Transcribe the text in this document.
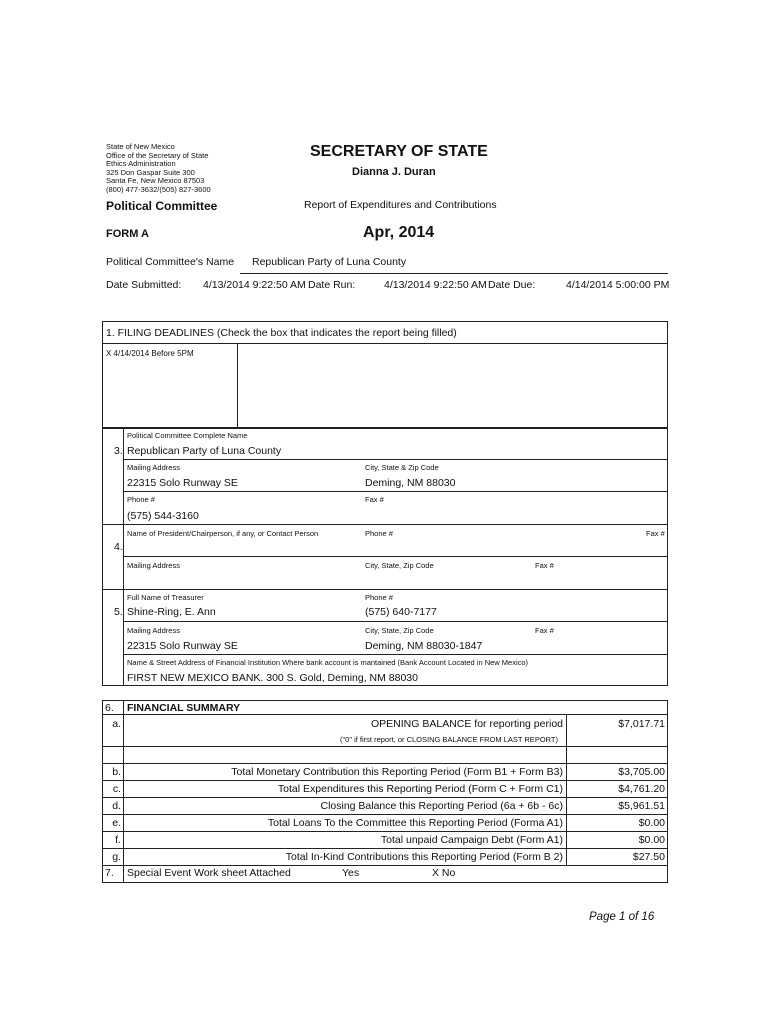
State of New Mexico
Office of the Secretary of State
Ethics Administration
325 Don Gaspar Suite 300
Santa Fe, New Mexico 87503
(800) 477-3632/(505) 827-3600
SECRETARY OF STATE
Dianna J. Duran
Political Committee	Report of Expenditures and Contributions
FORM A	Apr, 2014
Political Committee's Name Republican Party of Luna County
Date Submitted: 4/13/2014 9:22:50 AM Date Run:	4/13/2014 9:22:50 AM Date Due:	4/14/2014 5:00:00 PM
1. FILING DEADLINES (Check the box that indicates the report being filled)
X 4/14/2014 Before 5PM
Political Committee Complete Name
3. Republican Party of Luna County
Mailing Address	City, State & Zip Code
22315 Solo Runway SE	Deming, NM 88030
Phone #	Fax #
(575) 544-3160
Name of President/Chairperson, if any, or Contact Person	Phone #	Fax #
4.
Mailing Address	City, State, Zip Code	Fax #
Full Name of Treasurer	Phone #
5. Shine-Ring, E. Ann	(575) 640-7177
Mailing Address	City, State, Zip Code	Fax #
22315 Solo Runway SE	Deming, NM 88030-1847
Name & Street Address of Financial Institution Where bank account is mantained (Bank Account Located in New Mexico)
FIRST NEW MEXICO BANK. 300 S. Gold, Deming, NM 88030
6. FINANCIAL SUMMARY
a.	OPENING BALANCE for reporting period	$7,017.71
("0" if first report, or CLOSING BALANCE FROM LAST REPORT)
b.	Total Monetary Contribution this Reporting Period (Form B1 + Form B3)	$3,705.00
c.	Total Expenditures this Reporting Period (Form C + Form C1)	$4,761.20
d.	Closing Balance this Reporting Period (6a + 6b - 6c)	$5,961.51
e.	Total Loans To the Committee this Reporting Period (Forma A1)	$0.00
f.	Total unpaid Campaign Debt (Form A1)	$0.00
g.	Total In-Kind Contributions this Reporting Period (Form B 2)	$27.50
7. Special Event Work sheet Attached	Yes	X No
Page 1 of 16
